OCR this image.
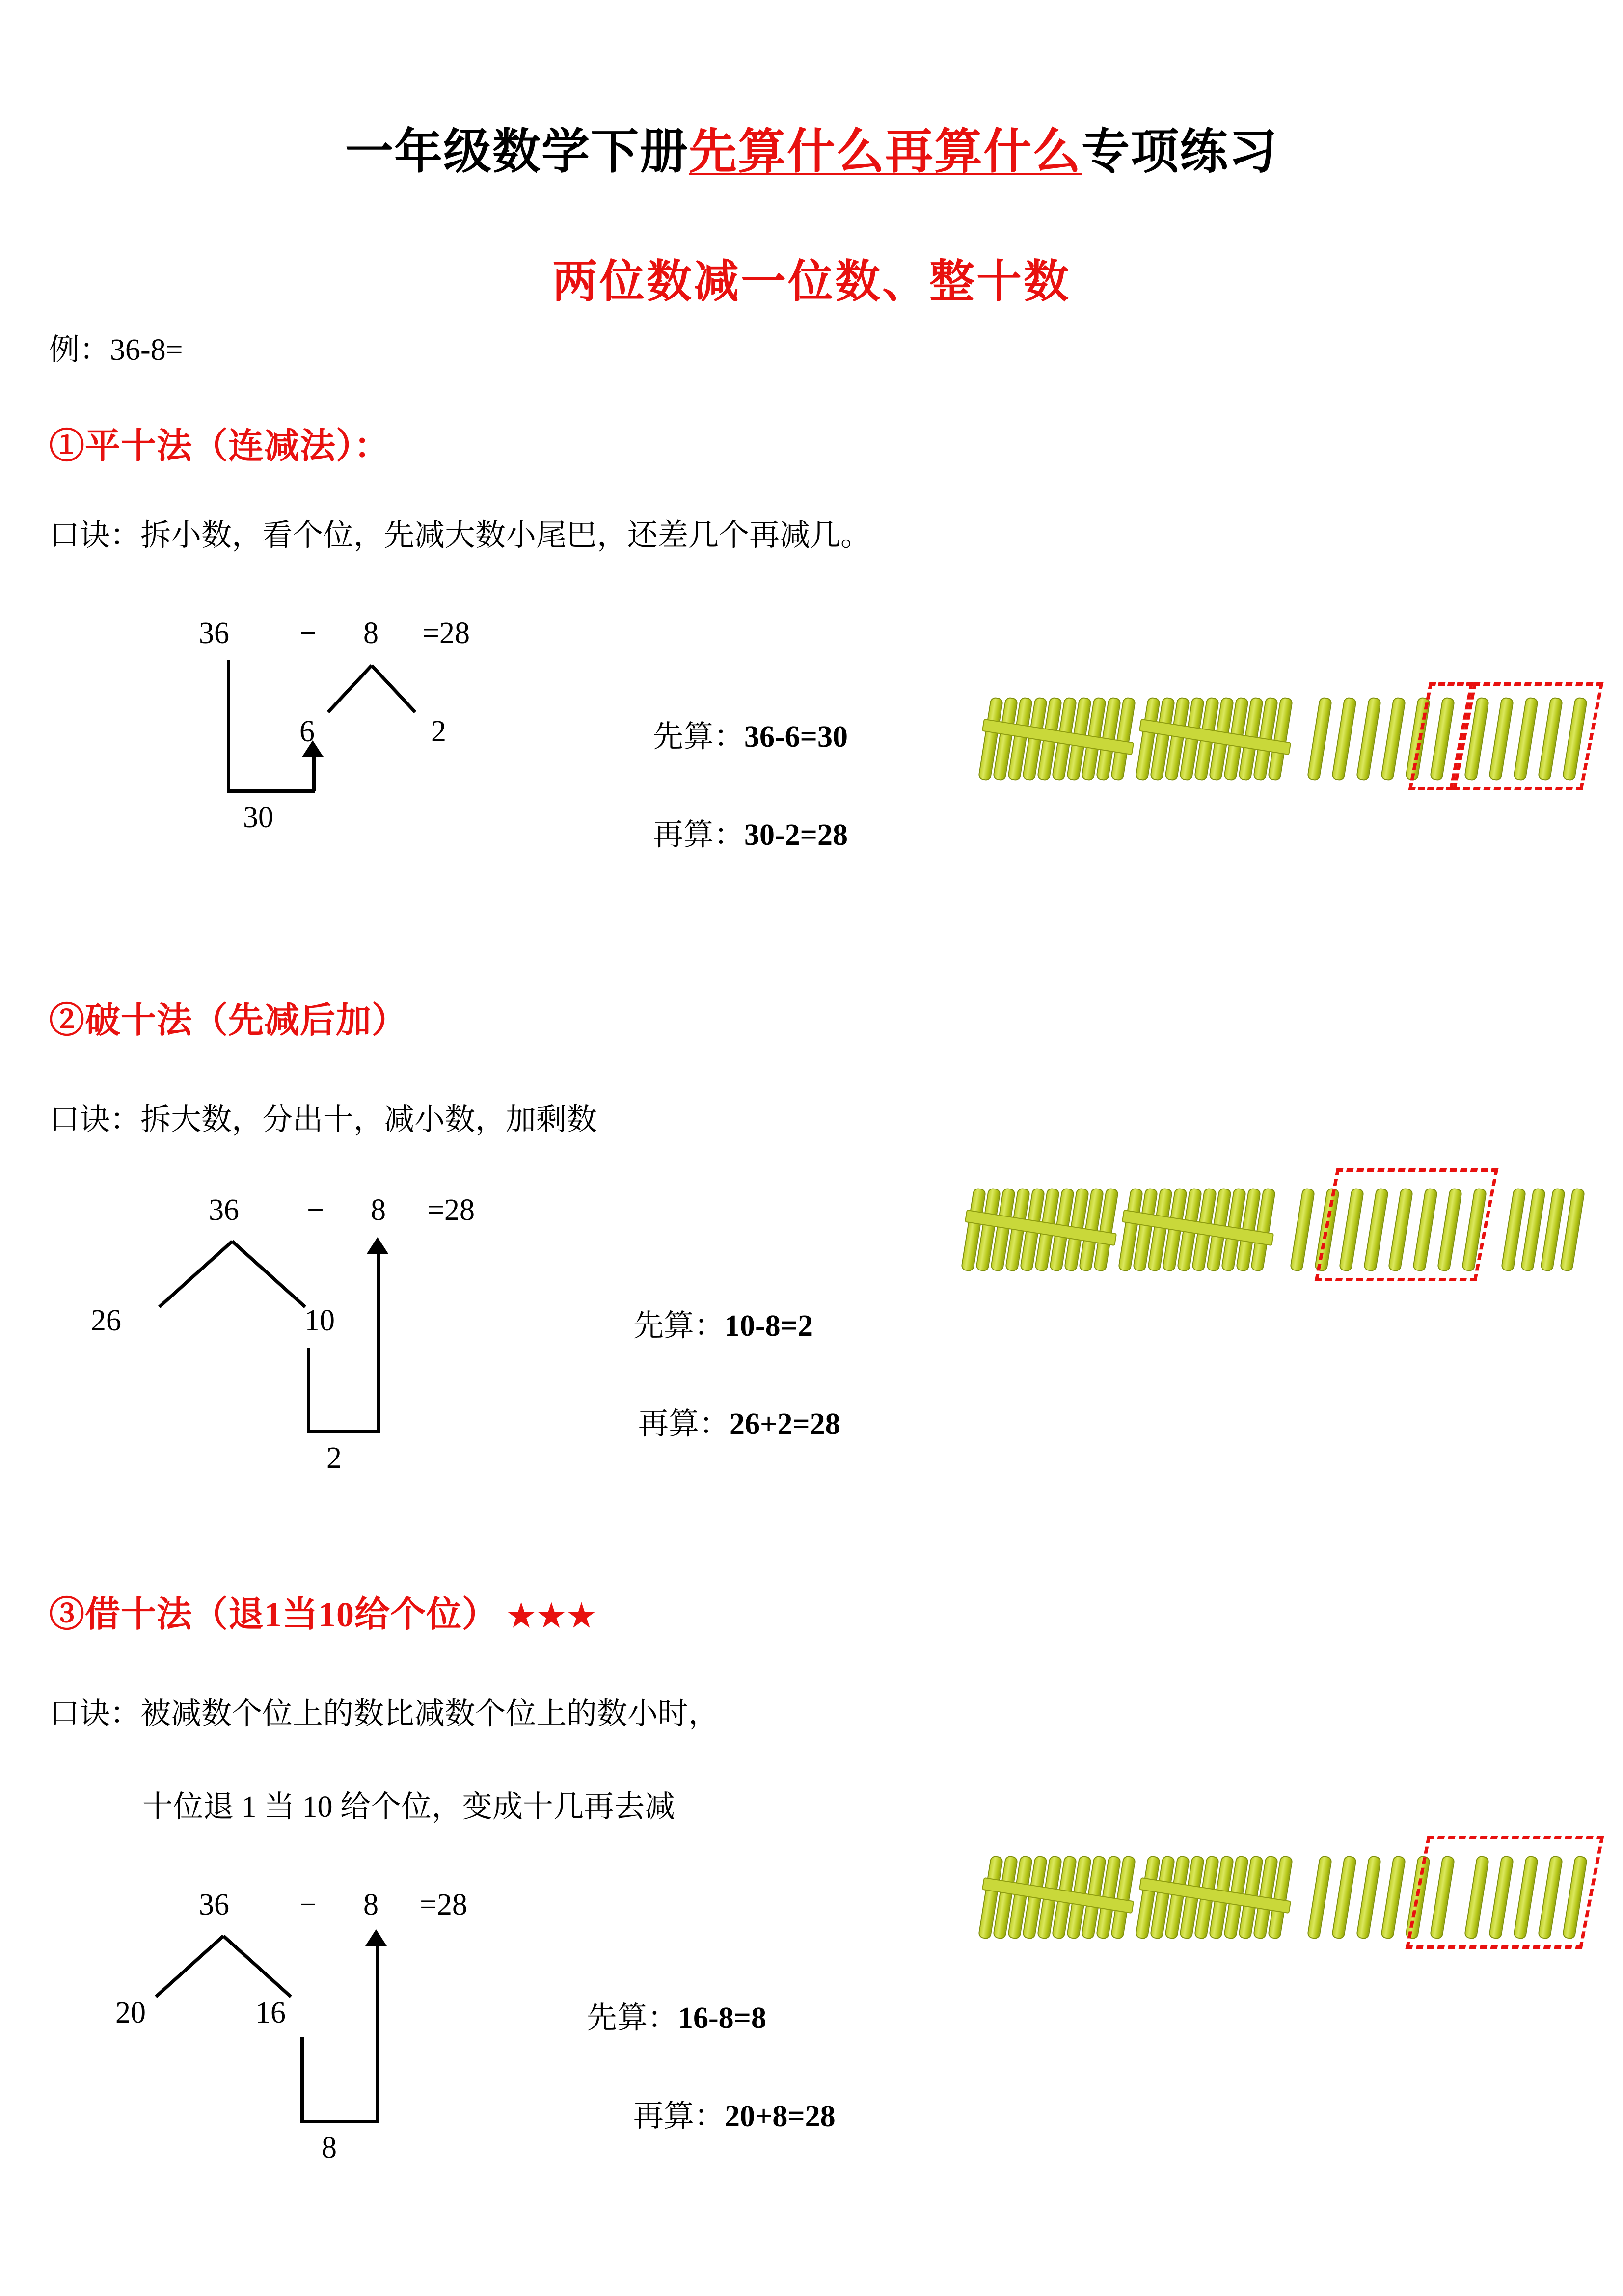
一年级数学下册先算什么再算什么专项练习
两位数减一位数、整十数
例：36-8=
①平十法（连减法）：
口诀：拆小数，看个位，先减大数小尾巴，还差几个再减几。
36 − 8 =28
6	2
30
先算：36-6=30
再算：30-2=28
②破十法（先减后加）
口诀：拆大数，分出十，减小数，加剩数
36 − 8 =28
26	10
2
先算：10-8=2
再算：26+2=28
③借十法（退1当10给个位） ★★★
口诀：被减数个位上的数比减数个位上的数小时，
十位退 1 当 10 给个位，变成十几再去减
36 − 8 =28
20	16
8
先算：16-8=8
再算：20+8=28
